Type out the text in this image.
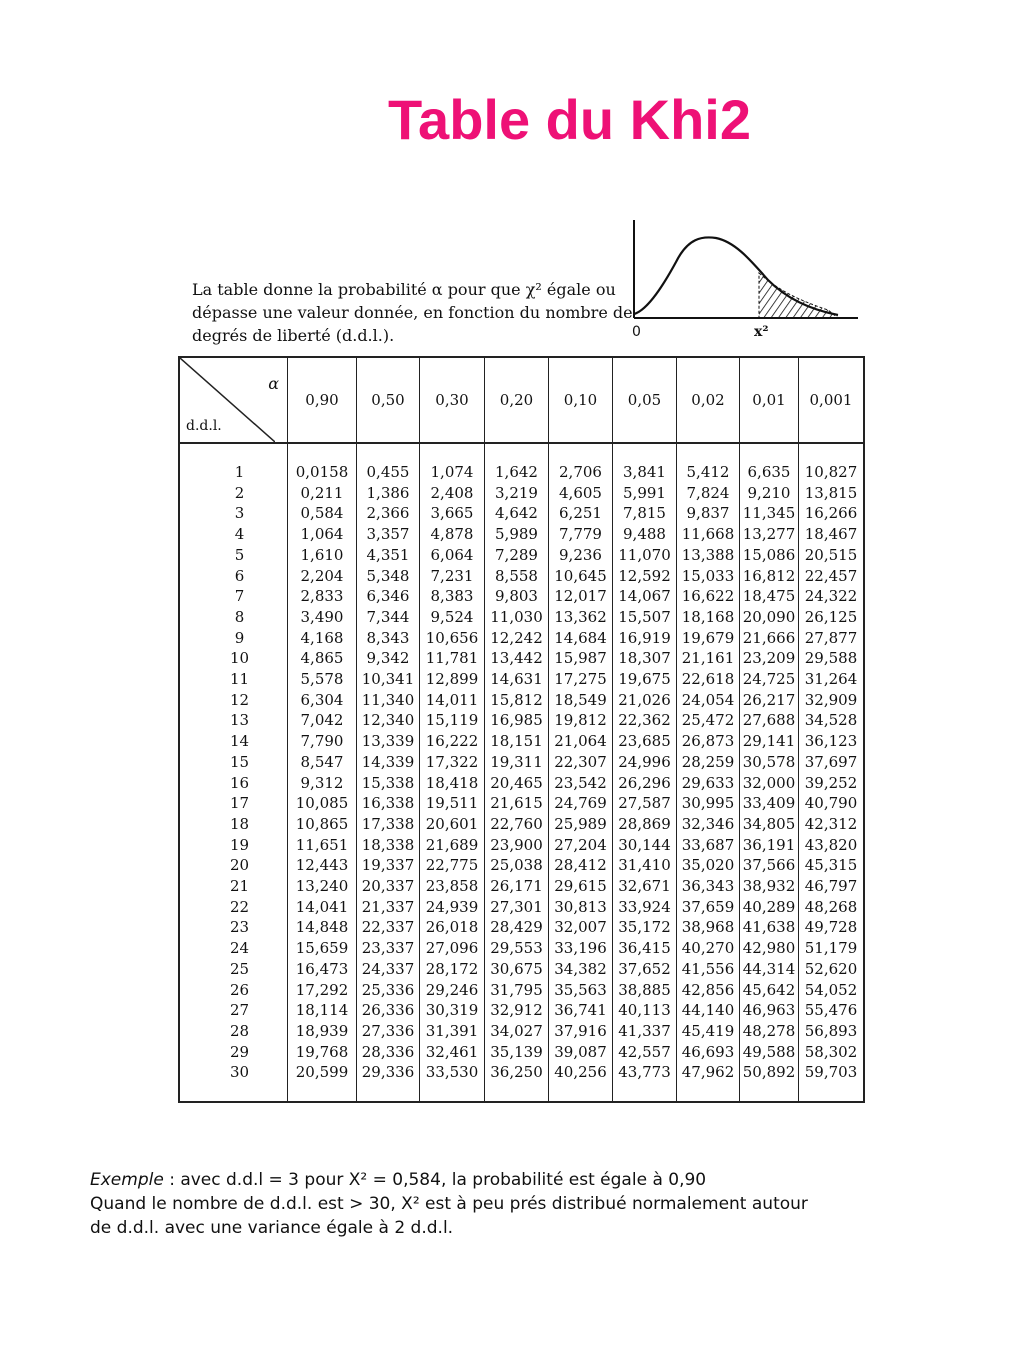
Table du Khi2
La table donne la probabilité α pour que χ² égale ou
dépasse une valeur donnée, en fonction du nombre de
degrés de liberté (d.d.l.).	0	x²
α
d.d.l.	0,90	0,50	0,30	0,20	0,10	0,05	0,02	0,01	0,001
1	0,0158	0,455	1,074	1,642	2,706	3,841	5,412	6,635	10,827
2	0,211	1,386	2,408	3,219	4,605	5,991	7,824	9,210	13,815
3	0,584	2,366	3,665	4,642	6,251	7,815	9,837	11,345	16,266
4	1,064	3,357	4,878	5,989	7,779	9,488	11,668	13,277	18,467
5	1,610	4,351	6,064	7,289	9,236	11,070	13,388	15,086	20,515
6	2,204	5,348	7,231	8,558	10,645	12,592	15,033	16,812	22,457
7	2,833	6,346	8,383	9,803	12,017	14,067	16,622	18,475	24,322
8	3,490	7,344	9,524	11,030	13,362	15,507	18,168	20,090	26,125
9	4,168	8,343	10,656	12,242	14,684	16,919	19,679	21,666	27,877
10	4,865	9,342	11,781	13,442	15,987	18,307	21,161	23,209	29,588
11	5,578	10,341	12,899	14,631	17,275	19,675	22,618	24,725	31,264
12	6,304	11,340	14,011	15,812	18,549	21,026	24,054	26,217	32,909
13	7,042	12,340	15,119	16,985	19,812	22,362	25,472	27,688	34,528
14	7,790	13,339	16,222	18,151	21,064	23,685	26,873	29,141	36,123
15	8,547	14,339	17,322	19,311	22,307	24,996	28,259	30,578	37,697
16	9,312	15,338	18,418	20,465	23,542	26,296	29,633	32,000	39,252
17	10,085	16,338	19,511	21,615	24,769	27,587	30,995	33,409	40,790
18	10,865	17,338	20,601	22,760	25,989	28,869	32,346	34,805	42,312
19	11,651	18,338	21,689	23,900	27,204	30,144	33,687	36,191	43,820
20	12,443	19,337	22,775	25,038	28,412	31,410	35,020	37,566	45,315
21	13,240	20,337	23,858	26,171	29,615	32,671	36,343	38,932	46,797
22	14,041	21,337	24,939	27,301	30,813	33,924	37,659	40,289	48,268
23	14,848	22,337	26,018	28,429	32,007	35,172	38,968	41,638	49,728
24	15,659	23,337	27,096	29,553	33,196	36,415	40,270	42,980	51,179
25	16,473	24,337	28,172	30,675	34,382	37,652	41,556	44,314	52,620
26	17,292	25,336	29,246	31,795	35,563	38,885	42,856	45,642	54,052
27	18,114	26,336	30,319	32,912	36,741	40,113	44,140	46,963	55,476
28	18,939	27,336	31,391	34,027	37,916	41,337	45,419	48,278	56,893
29	19,768	28,336	32,461	35,139	39,087	42,557	46,693	49,588	58,302
30	20,599	29,336	33,530	36,250	40,256	43,773	47,962	50,892	59,703
Exemple : avec d.d.l = 3 pour X² = 0,584, la probabilité est égale à 0,90
Quand le nombre de d.d.l. est > 30, X² est à peu prés distribué normalement autour
de d.d.l. avec une variance égale à 2 d.d.l.
